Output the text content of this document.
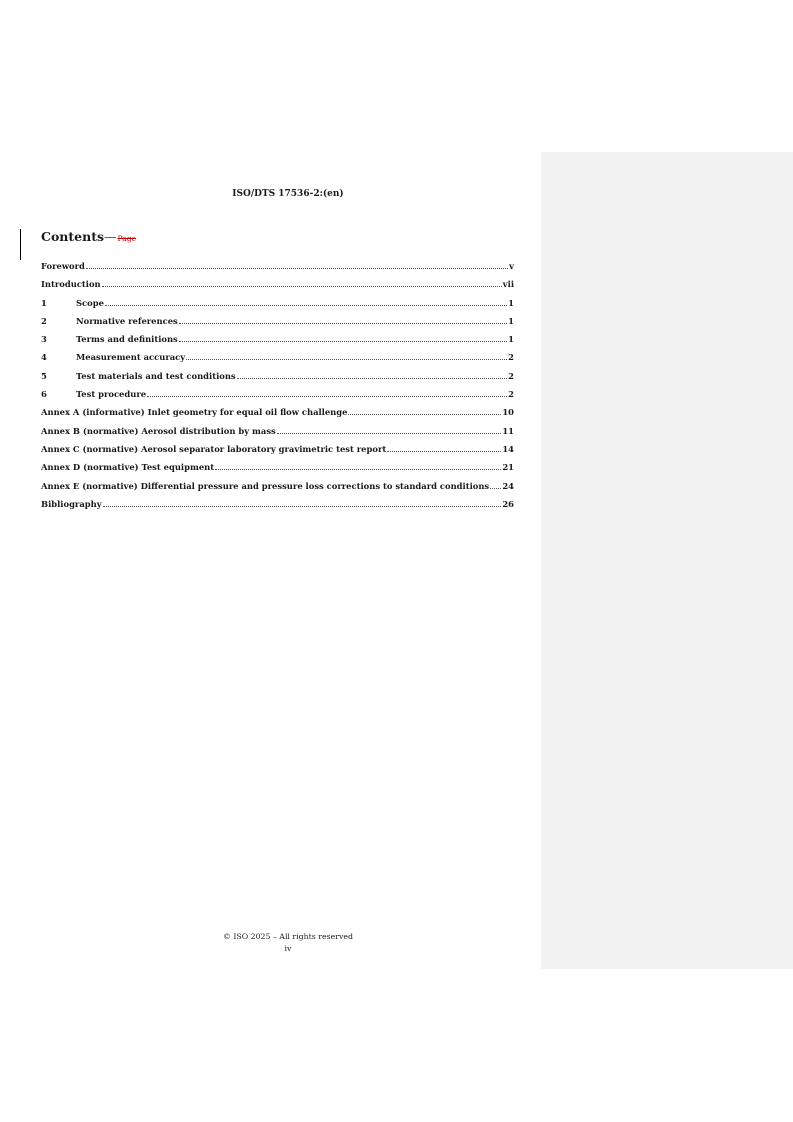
ISO/DTS 17536-2:(en)
Contents—Page
Foreword	v
Introduction	vii
1	Scope	1
2	Normative references	1
3	Terms and definitions	1
4	Measurement accuracy	2
5	Test materials and test conditions	2
6	Test procedure	2
Annex A (informative) Inlet geometry for equal oil flow challenge	10
Annex B (normative) Aerosol distribution by mass	11
Annex C (normative) Aerosol separator laboratory gravimetric test report	14
Annex D (normative) Test equipment	21
Annex E (normative) Differential pressure and pressure loss corrections to standard conditions 24
Bibliography	26
© ISO 2025 – All rights reserved
iv
